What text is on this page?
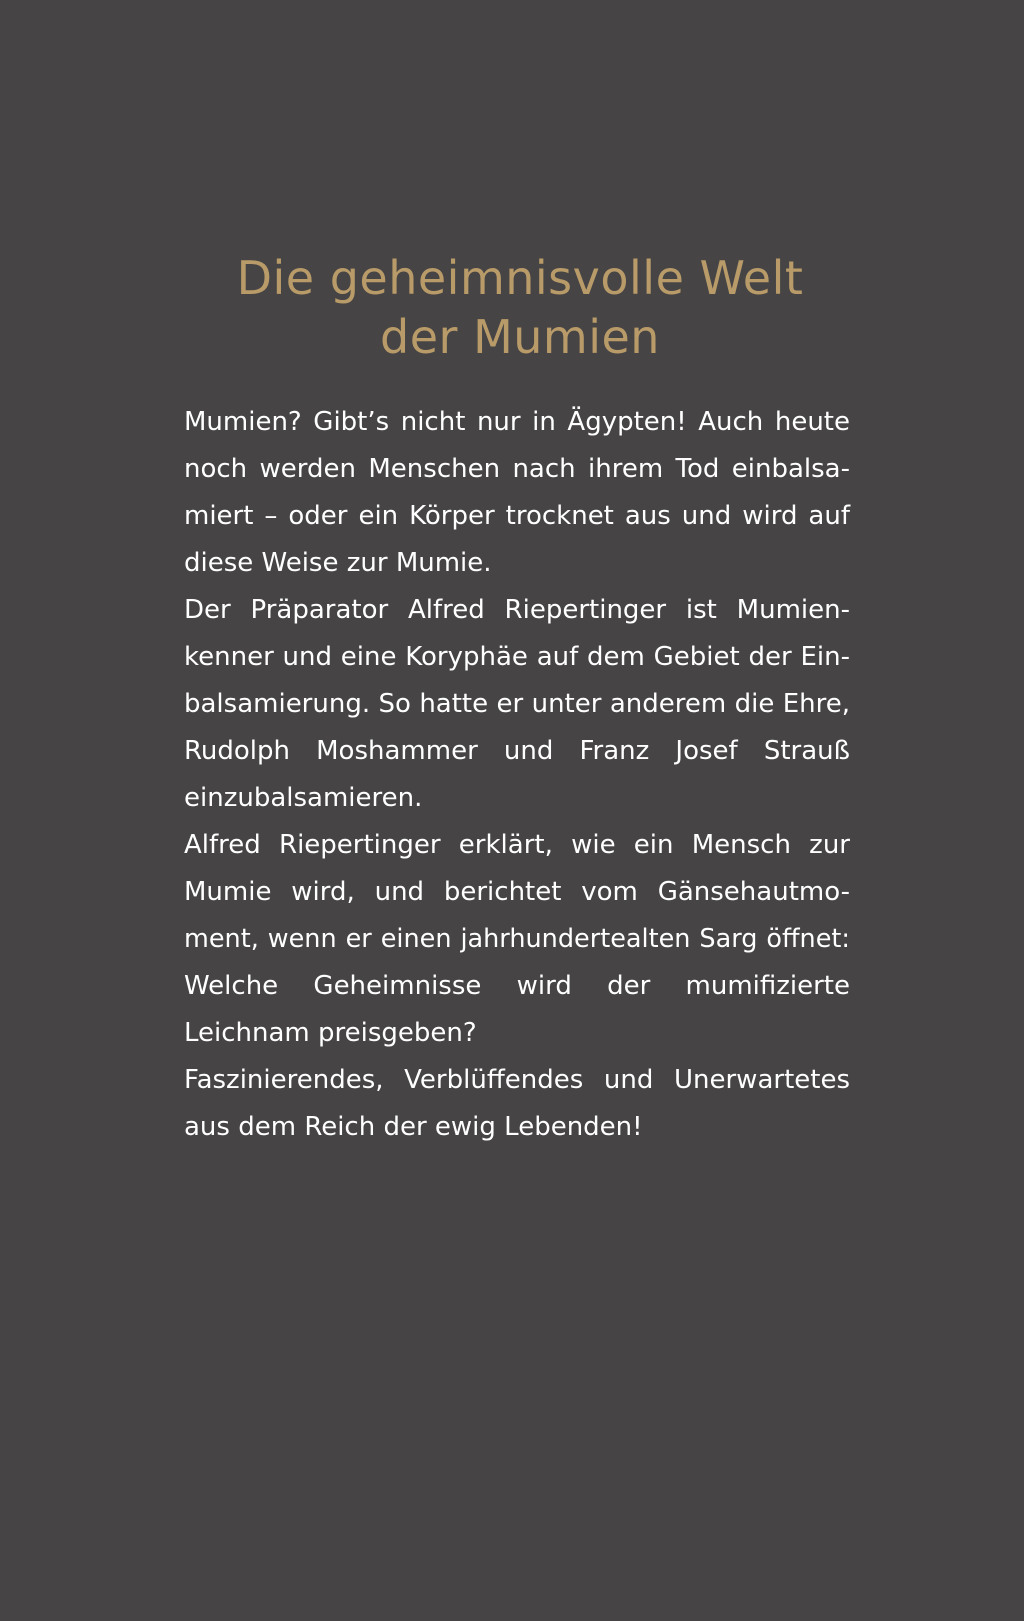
Die geheimnisvolle Welt
der Mumien

Mumien? Gibt’s nicht nur in Ägypten! Auch heute
noch werden Menschen nach ihrem Tod einbalsa-
miert – oder ein Körper trocknet aus und wird auf
diese Weise zur Mumie.

Der Präparator Alfred Riepertinger ist Mumien-
kenner und eine Koryphäe auf dem Gebiet der Ein-
balsamierung. So hatte er unter anderem die Ehre,
Rudolph Moshammer und Franz Josef Strauß
einzubalsamieren.

Alfred Riepertinger erklärt, wie ein Mensch zur
Mumie wird, und berichtet vom Gänsehautmo-
ment, wenn er einen jahrhundertealten Sarg öffnet:
Welche Geheimnisse wird der mumifizierte
Leichnam preisgeben?

Faszinierendes, Verblüffendes und Unerwartetes
aus dem Reich der ewig Lebenden!
